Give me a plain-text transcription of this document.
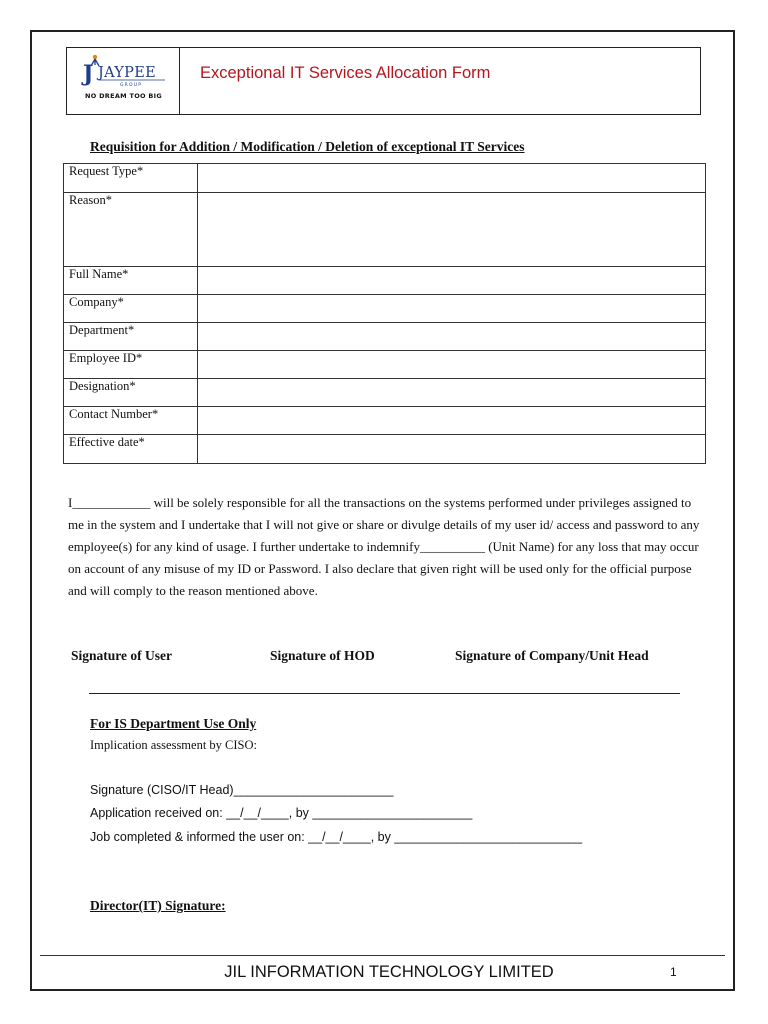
J JAYPEE
GROUP
NO DREAM TOO BIG
Exceptional IT Services Allocation Form
Requisition for Addition / Modification / Deletion of exceptional IT Services
Request Type*	
Reason*	
Full Name*	
Company*	
Department*	
Employee ID*	
Designation*	
Contact Number*	
Effective date*	
I____________ will be solely responsible for all the transactions on the systems performed under privileges assigned to me in the system and I undertake that I will not give or share or divulge details of my user id/ access and password to any employee(s) for any kind of usage. I further undertake to indemnify__________ (Unit Name) for any loss that may occur on account of any misuse of my ID or Password. I also declare that given right will be used only for the official purpose and will comply to the reason mentioned above.
Signature of User	Signature of HOD	Signature of Company/Unit Head
For IS Department Use Only
Implication assessment by CISO:
Signature (CISO/IT Head)_______________________
Application received on: __/__/____, by _______________________
Job completed & informed the user on: __/__/____, by ___________________________
Director(IT) Signature:
JIL INFORMATION TECHNOLOGY LIMITED	1
